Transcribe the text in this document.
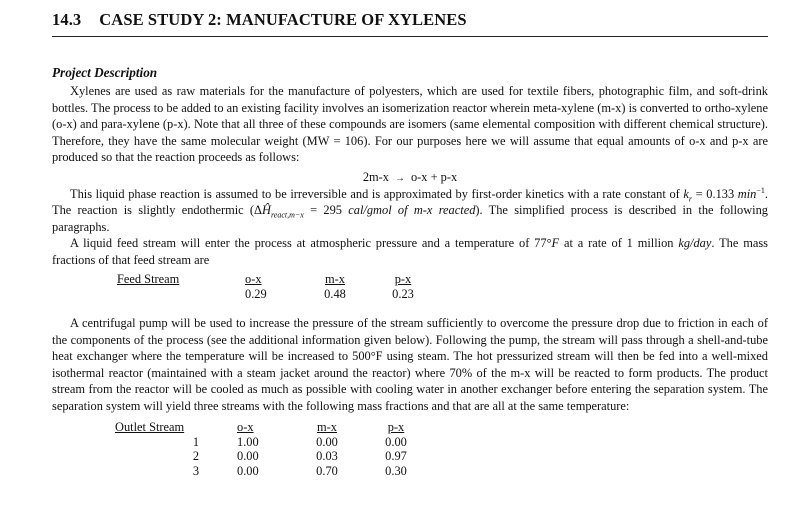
14.3 CASE STUDY 2: MANUFACTURE OF XYLENES
Project Description

Xylenes are used as raw materials for the manufacture of polyesters, which are used for textile fibers, photographic film, and soft-drink bottles. The process to be added to an existing facility involves an isomerization reactor wherein meta-xylene (m-x) is converted to ortho-xylene (o-x) and para-xylene (p-x). Note that all three of these compounds are isomers (same elemental composition with different chemical structure). Therefore, they have the same molecular weight (MW = 106). For our purposes here we will assume that equal amounts of o-x and p-x are produced so that the reaction proceeds as follows:

2m-x → o-x + p-x

This liquid phase reaction is assumed to be irreversible and is approximated by first-order kinetics with a rate constant of $k_r = 0.133$ $\min^{-1}$. The reaction is slightly endothermic ($\Delta Ĥ_{react,m-x} = 295$ cal/gmol of m-x reacted). The simplified process is described in the following paragraphs.

A liquid feed stream will enter the process at atmospheric pressure and a temperature of 77°F at a rate of 1 million kg/day. The mass fractions of that feed stream are

Feed Stream	o-x	m-x	p-x
	0.29	0.48	0.23

A centrifugal pump will be used to increase the pressure of the stream sufficiently to overcome the pressure drop due to friction in each of the components of the process (see the additional information given below). Following the pump, the stream will pass through a shell-and-tube heat exchanger where the temperature will be increased to 500°F using steam. The hot pressurized stream will then be fed into a well-mixed isothermal reactor (maintained with a steam jacket around the reactor) where 70% of the m-x will be reacted to form products. The product stream from the reactor will be cooled as much as possible with cooling water in another exchanger before entering the separation system. The separation system will yield three streams with the following mass fractions and that are all at the same temperature:

Outlet Stream	o-x	m-x	p-x
1	1.00	0.00	0.00
2	0.00	0.03	0.97
3	0.00	0.70	0.30
